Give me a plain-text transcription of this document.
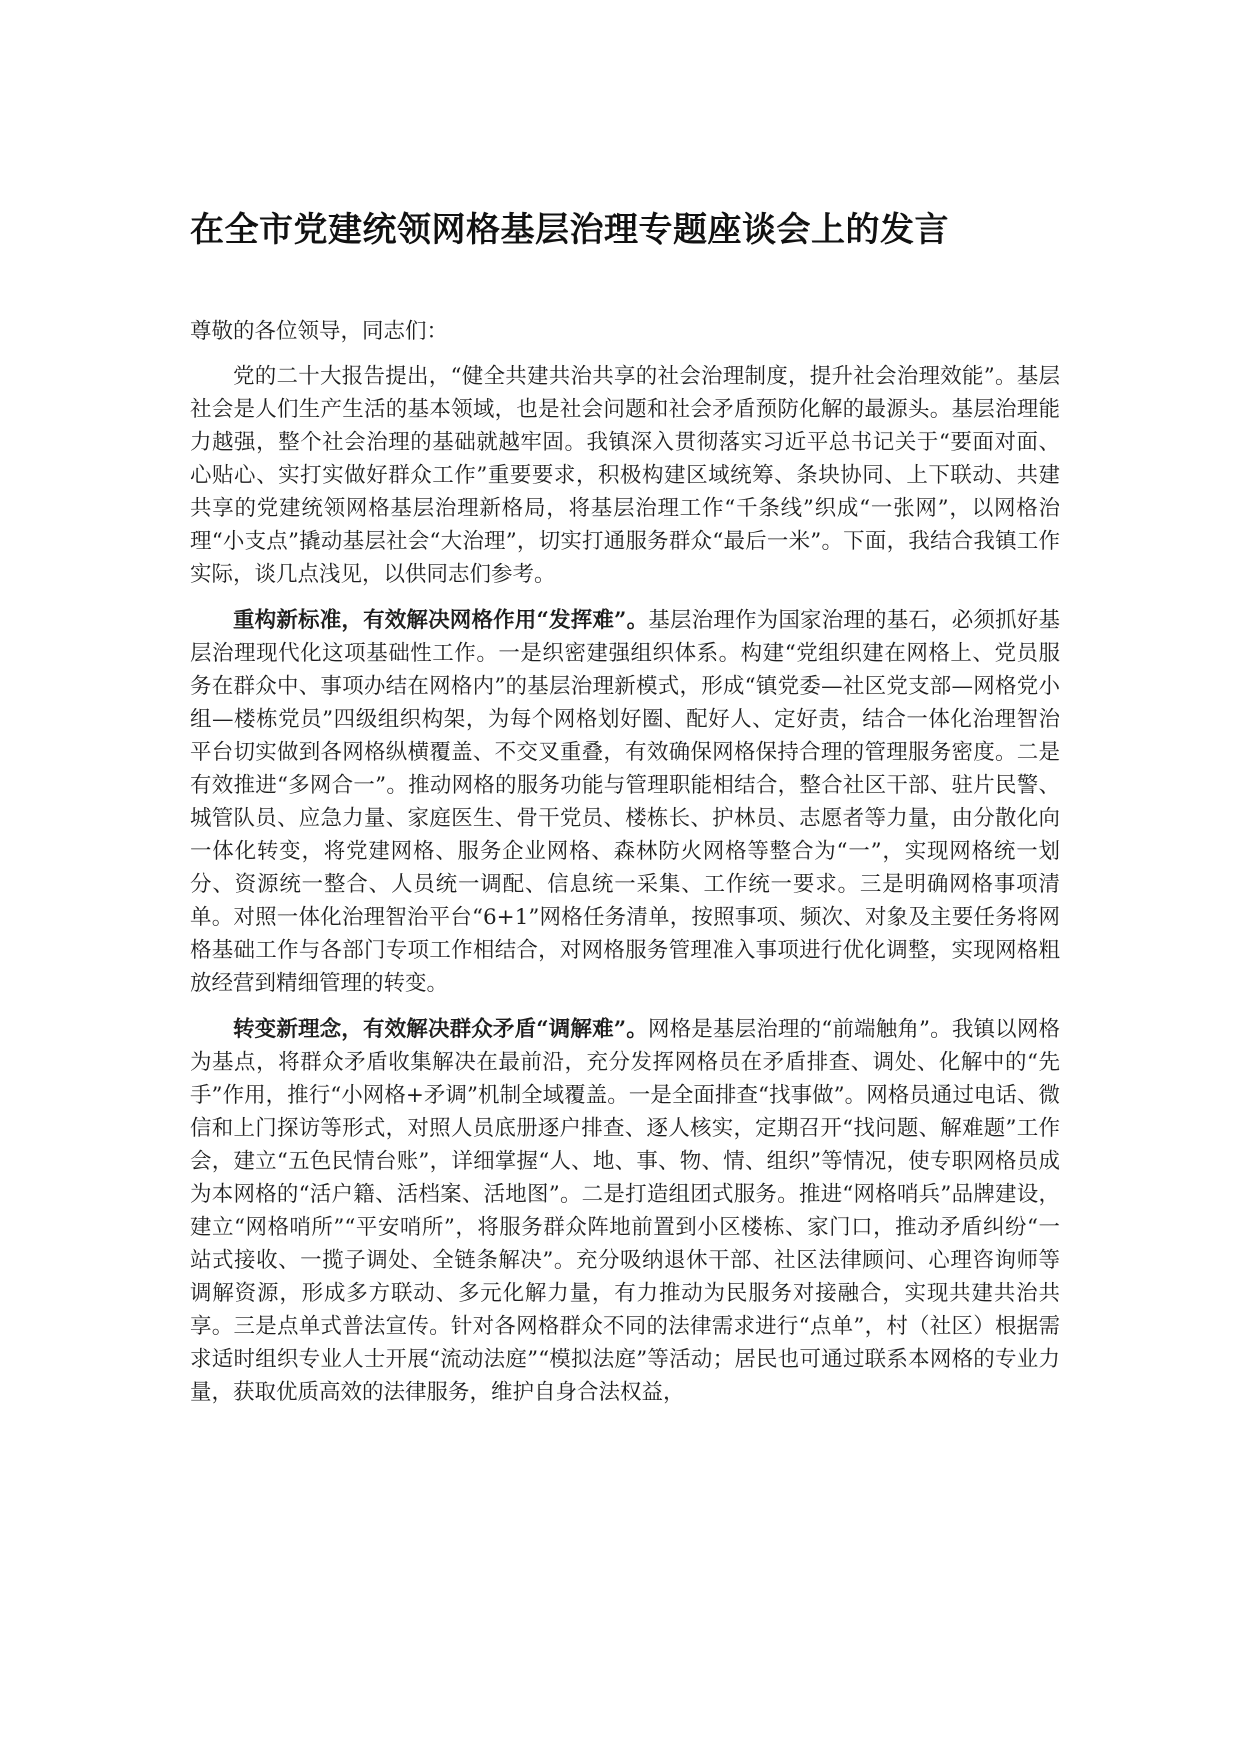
在全市党建统领网格基层治理专题座谈会上的发言

尊敬的各位领导，同志们：

党的二十大报告提出，“健全共建共治共享的社会治理制度，提升社会治理效能”。基层社会是人们生产生活的基本领域，也是社会问题和社会矛盾预防化解的最源头。基层治理能力越强，整个社会治理的基础就越牢固。我镇深入贯彻落实习近平总书记关于“要面对面、心贴心、实打实做好群众工作”重要要求，积极构建区域统筹、条块协同、上下联动、共建共享的党建统领网格基层治理新格局，将基层治理工作“千条线”织成“一张网”，以网格治理“小支点”撬动基层社会“大治理”，切实打通服务群众“最后一米”。下面，我结合我镇工作实际，谈几点浅见，以供同志们参考。

重构新标准，有效解决网格作用“发挥难”。基层治理作为国家治理的基石，必须抓好基层治理现代化这项基础性工作。一是织密建强组织体系。构建“党组织建在网格上、党员服务在群众中、事项办结在网格内”的基层治理新模式，形成“镇党委—社区党支部—网格党小组—楼栋党员”四级组织构架，为每个网格划好圈、配好人、定好责，结合一体化治理智治平台切实做到各网格纵横覆盖、不交叉重叠，有效确保网格保持合理的管理服务密度。二是有效推进“多网合一”。推动网格的服务功能与管理职能相结合，整合社区干部、驻片民警、城管队员、应急力量、家庭医生、骨干党员、楼栋长、护林员、志愿者等力量，由分散化向一体化转变，将党建网格、服务企业网格、森林防火网格等整合为“一”，实现网格统一划分、资源统一整合、人员统一调配、信息统一采集、工作统一要求。三是明确网格事项清单。对照一体化治理智治平台“6+1”网格任务清单，按照事项、频次、对象及主要任务将网格基础工作与各部门专项工作相结合，对网格服务管理准入事项进行优化调整，实现网格粗放经营到精细管理的转变。

转变新理念，有效解决群众矛盾“调解难”。网格是基层治理的“前端触角”。我镇以网格为基点，将群众矛盾收集解决在最前沿，充分发挥网格员在矛盾排查、调处、化解中的“先手”作用，推行“小网格+矛调”机制全域覆盖。一是全面排查“找事做”。网格员通过电话、微信和上门探访等形式，对照人员底册逐户排查、逐人核实，定期召开“找问题、解难题”工作会，建立“五色民情台账”，详细掌握“人、地、事、物、情、组织”等情况，使专职网格员成为本网格的“活户籍、活档案、活地图”。二是打造组团式服务。推进“网格哨兵”品牌建设，建立“网格哨所”“平安哨所”，将服务群众阵地前置到小区楼栋、家门口，推动矛盾纠纷“一站式接收、一揽子调处、全链条解决”。充分吸纳退休干部、社区法律顾问、心理咨询师等调解资源，形成多方联动、多元化解力量，有力推动为民服务对接融合，实现共建共治共享。三是点单式普法宣传。针对各网格群众不同的法律需求进行“点单”，村（社区）根据需求适时组织专业人士开展“流动法庭”“模拟法庭”等活动；居民也可通过联系本网格的专业力量，获取优质高效的法律服务，维护自身合法权益，
